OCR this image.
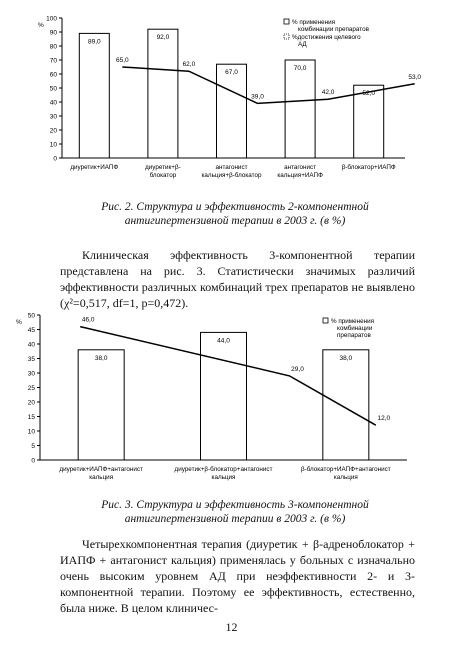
%
0
10
20
30
40
50
60
70
80
90
100
89,0
92,0
67,0
70,0
52,0
65,0
62,0
39,0
42,0
53,0
диуретик+ИАПФ	диуретик+β-
блокатор
антагонист
кальция+β-блокатор
антагонист
кальция+ИАПФ
β-блокатор+ИАПФ
% применения
комбинации препаратов
%достижения целевого
АД
Рис. 2. Структура и эффективность 2-компонентной
антигипертензивной терапии в 2003 г. (в %)
Клиническая эффективность 3-компонентной терапии представлена на рис. 3. Статистически значимых различий эффективности различных комбинаций трех препаратов не выявлено (χ²=0,517, df=1, p=0,472).
%
0
5
10
15
20
25
30
35
40
45
50
38,0
44,0
38,0
46,0
29,0
12,0
диуретик+ИАПФ+антагонист
кальция
диуретик+β-блокатор+антагонист
кальция
β-блокатор+ИАПФ+антагонист
кальция
% применения
комбинации
препаратов
Рис. 3. Структура и эффективность 3-компонентной
антигипертензивной терапии в 2003 г. (в %)
Четырехкомпонентная терапия (диуретик + β-адреноблокатор + ИАПФ + антагонист кальция) применялась у больных с изначально очень высоким уровнем АД при неэффективности 2- и 3-компонентной терапии. Поэтому ее эффективность, естественно, была ниже. В целом клиничес-
12
